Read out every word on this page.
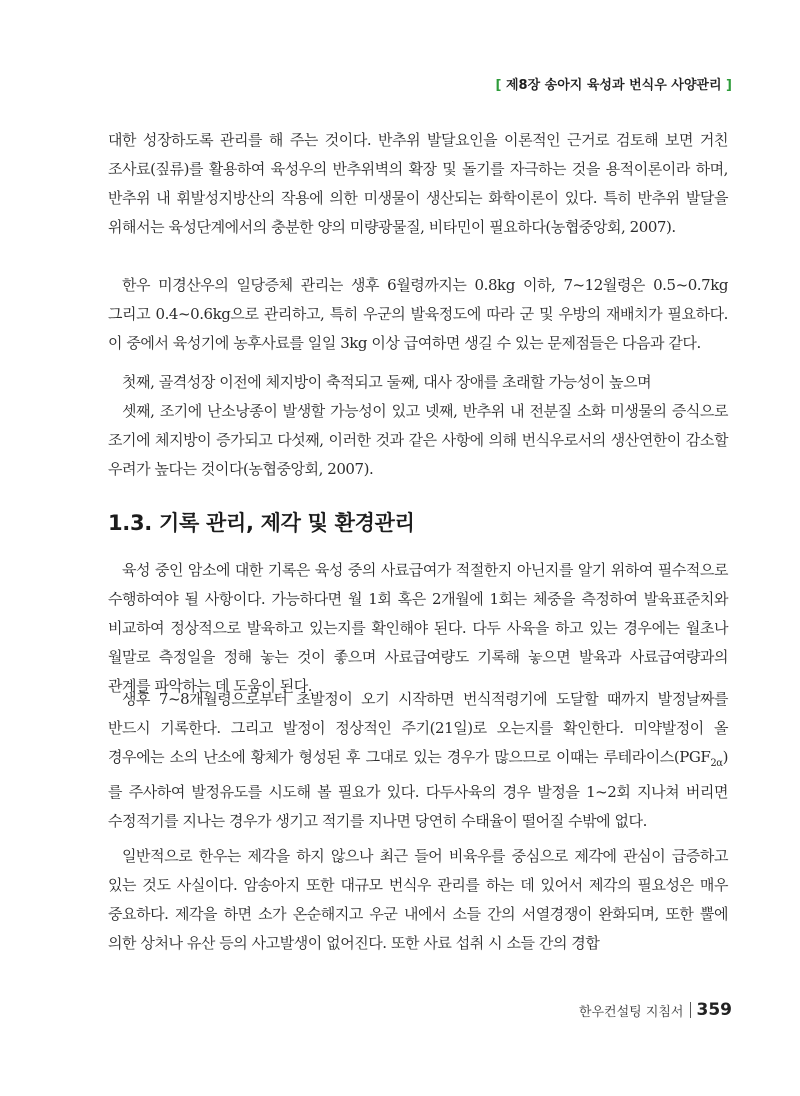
[ 제8장 송아지 육성과 번식우 사양관리 ]

대한 성장하도록 관리를 해 주는 것이다. 반추위 발달요인을 이론적인 근거로 검토해 보면 거친 조사료(짚류)를 활용하여 육성우의 반추위벽의 확장 및 돌기를 자극하는 것을 용적이론이라 하며, 반추위 내 휘발성지방산의 작용에 의한 미생물이 생산되는 화학이론이 있다. 특히 반추위 발달을 위해서는 육성단계에서의 충분한 양의 미량광물질, 비타민이 필요하다(농협중앙회, 2007).

한우 미경산우의 일당증체 관리는 생후 6월령까지는 0.8kg 이하, 7~12월령은 0.5~0.7kg 그리고 0.4~0.6kg으로 관리하고, 특히 우군의 발육정도에 따라 군 및 우방의 재배치가 필요하다. 이 중에서 육성기에 농후사료를 일일 3kg 이상 급여하면 생길 수 있는 문제점들은 다음과 같다.

첫째, 골격성장 이전에 체지방이 축적되고 둘째, 대사 장애를 초래할 가능성이 높으며

셋째, 조기에 난소낭종이 발생할 가능성이 있고 넷째, 반추위 내 전분질 소화 미생물의 증식으로 조기에 체지방이 증가되고 다섯째, 이러한 것과 같은 사항에 의해 번식우로서의 생산연한이 감소할 우려가 높다는 것이다(농협중앙회, 2007).

1.3. 기록 관리, 제각 및 환경관리

육성 중인 암소에 대한 기록은 육성 중의 사료급여가 적절한지 아닌지를 알기 위하여 필수적으로 수행하여야 될 사항이다. 가능하다면 월 1회 혹은 2개월에 1회는 체중을 측정하여 발육표준치와 비교하여 정상적으로 발육하고 있는지를 확인해야 된다. 다두 사육을 하고 있는 경우에는 월초나 월말로 측정일을 정해 놓는 것이 좋으며 사료급여량도 기록해 놓으면 발육과 사료급여량과의 관계를 파악하는 데 도움이 된다.

생후 7~8개월령으로부터 초발정이 오기 시작하면 번식적령기에 도달할 때까지 발정날짜를 반드시 기록한다. 그리고 발정이 정상적인 주기(21일)로 오는지를 확인한다. 미약발정이 올 경우에는 소의 난소에 황체가 형성된 후 그대로 있는 경우가 많으므로 이때는 루테라이스$(PGF_{2\alpha})$를 주사하여 발정유도를 시도해 볼 필요가 있다. 다두사육의 경우 발정을 1~2회 지나쳐 버리면 수정적기를 지나는 경우가 생기고 적기를 지나면 당연히 수태율이 떨어질 수밖에 없다.

일반적으로 한우는 제각을 하지 않으나 최근 들어 비육우를 중심으로 제각에 관심이 급증하고 있는 것도 사실이다. 암송아지 또한 대규모 번식우 관리를 하는 데 있어서 제각의 필요성은 매우 중요하다. 제각을 하면 소가 온순해지고 우군 내에서 소들 간의 서열경쟁이 완화되며, 또한 뿔에 의한 상처나 유산 등의 사고발생이 없어진다. 또한 사료 섭취 시 소들 간의 경합

한우컨설팅 지침서 359
